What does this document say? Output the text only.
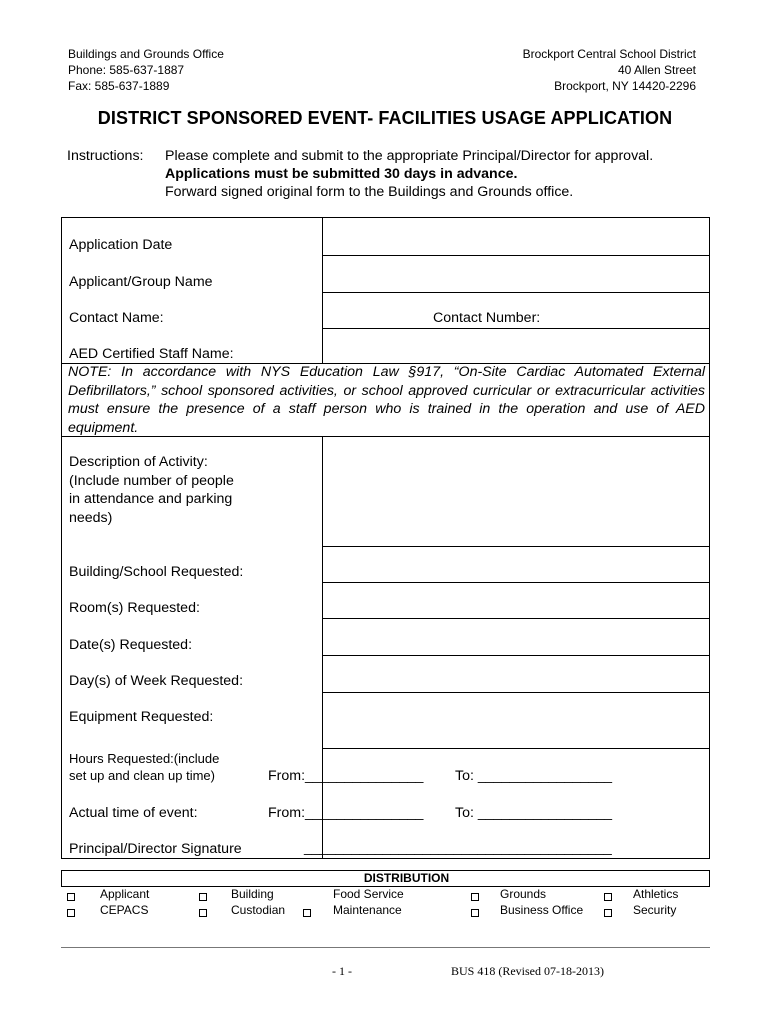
Buildings and Grounds Office
Phone: 585-637-1887
Fax: 585-637-1889
Brockport Central School District
40 Allen Street
Brockport, NY 14420-2296
DISTRICT SPONSORED EVENT- FACILITIES USAGE APPLICATION
Instructions: Please complete and submit to the appropriate Principal/Director for approval.
Applications must be submitted 30 days in advance.
Forward signed original form to the Buildings and Grounds office.
Application Date
Applicant/Group Name
Contact Name:	Contact Number:
AED Certified Staff Name:
NOTE: In accordance with NYS Education Law §917, “On-Site Cardiac Automated External Defibrillators,” school sponsored activities, or school approved curricular or extracurricular activities must ensure the presence of a staff person who is trained in the operation and use of AED equipment.
Description of Activity:
(Include number of people
in attendance and parking
needs)
Building/School Requested:
Room(s) Requested:
Date(s) Requested:
Day(s) of Week Requested:
Equipment Requested:
Hours Requested:(include
set up and clean up time)	From:_______________ To: _________________
Actual time of event:	From:_______________ To: _________________
Principal/Director Signature	_______________________________________
DISTRIBUTION
Applicant	Building	Food Service	Grounds	Athletics
CEPACS	Custodian	Maintenance	Business Office	Security
- 1 -	BUS 418 (Revised 07-18-2013)
